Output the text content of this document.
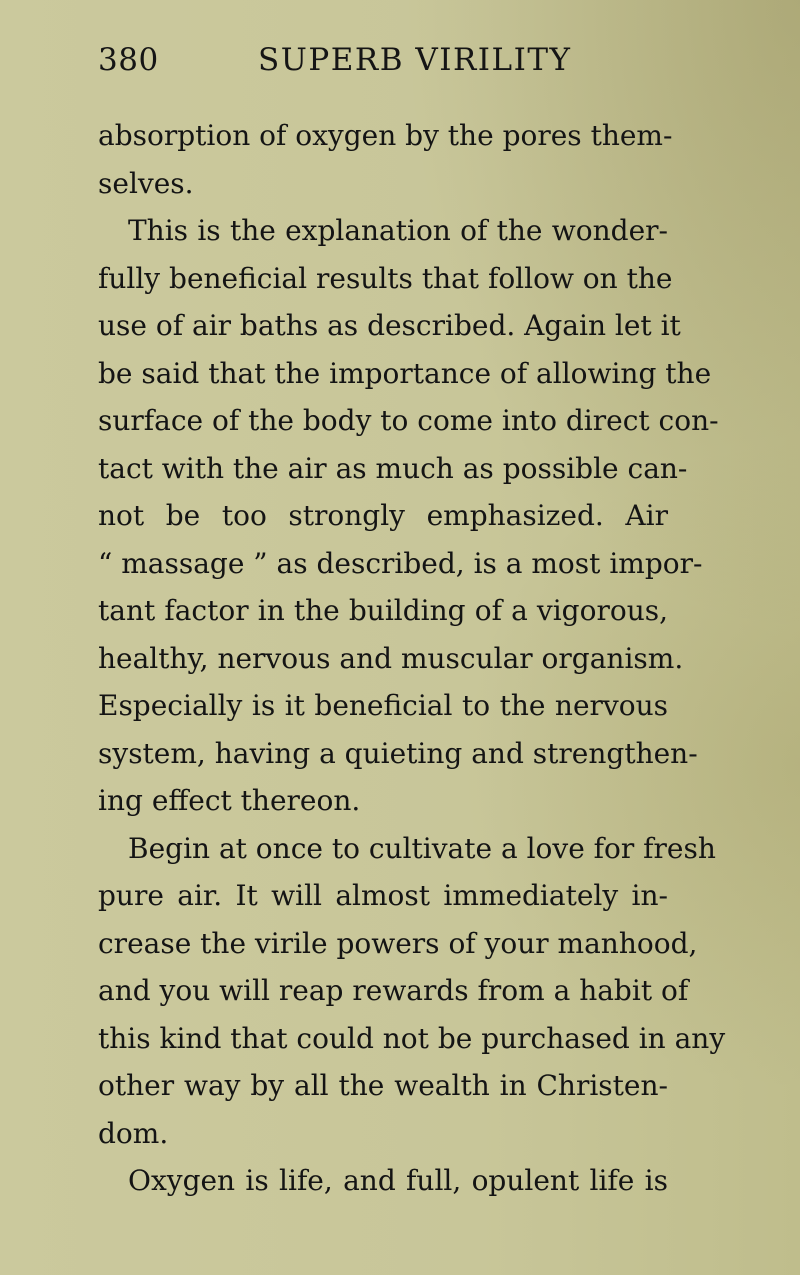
380	SUPERB VIRILITY
absorption of oxygen by the pores them-
selves.
This is the explanation of the wonder-
fully beneficial results that follow on the
use of air baths as described. Again let it
be said that the importance of allowing the
surface of the body to come into direct con-
tact with the air as much as possible can-
not be too strongly emphasized. Air
“ massage ” as described, is a most impor-
tant factor in the building of a vigorous,
healthy, nervous and muscular organism.
Especially is it beneficial to the nervous
system, having a quieting and strengthen-
ing effect thereon.
Begin at once to cultivate a love for fresh
pure air. It will almost immediately in-
crease the virile powers of your manhood,
and you will reap rewards from a habit of
this kind that could not be purchased in any
other way by all the wealth in Christen-
dom.
Oxygen is life, and full, opulent life is
